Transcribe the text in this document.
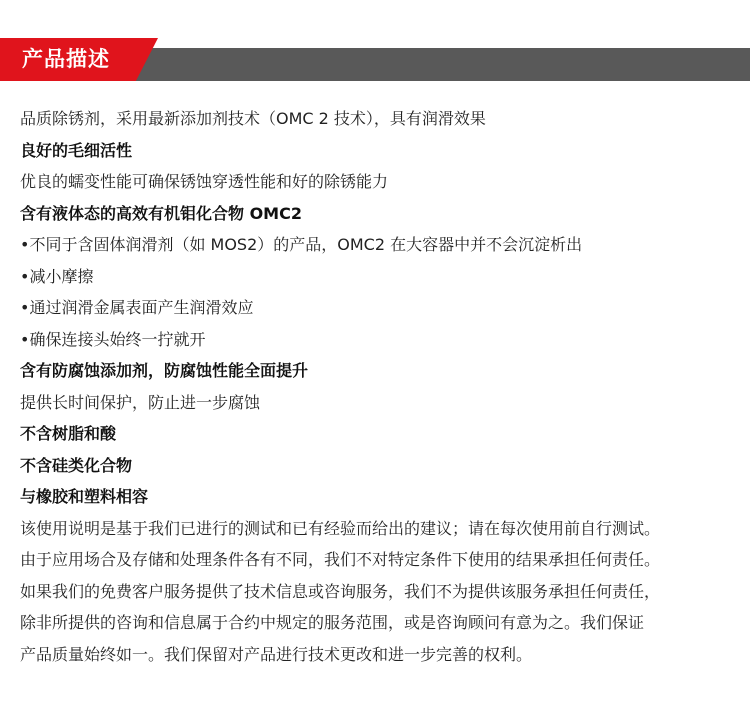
产品描述
品质除锈剂，采用最新添加剂技术（OMC 2 技术），具有润滑效果
良好的毛细活性
优良的蠕变性能可确保锈蚀穿透性能和好的除锈能力
含有液体态的高效有机钼化合物 OMC2
•不同于含固体润滑剂（如 MOS2）的产品，OMC2 在大容器中并不会沉淀析出
•减小摩擦
•通过润滑金属表面产生润滑效应
•确保连接头始终一拧就开
含有防腐蚀添加剂，防腐蚀性能全面提升
提供长时间保护，防止进一步腐蚀
不含树脂和酸
不含硅类化合物
与橡胶和塑料相容
该使用说明是基于我们已进行的测试和已有经验而给出的建议；请在每次使用前自行测试。
由于应用场合及存储和处理条件各有不同，我们不对特定条件下使用的结果承担任何责任。
如果我们的免费客户服务提供了技术信息或咨询服务，我们不为提供该服务承担任何责任，
除非所提供的咨询和信息属于合约中规定的服务范围，或是咨询顾问有意为之。我们保证
产品质量始终如一。我们保留对产品进行技术更改和进一步完善的权利。
